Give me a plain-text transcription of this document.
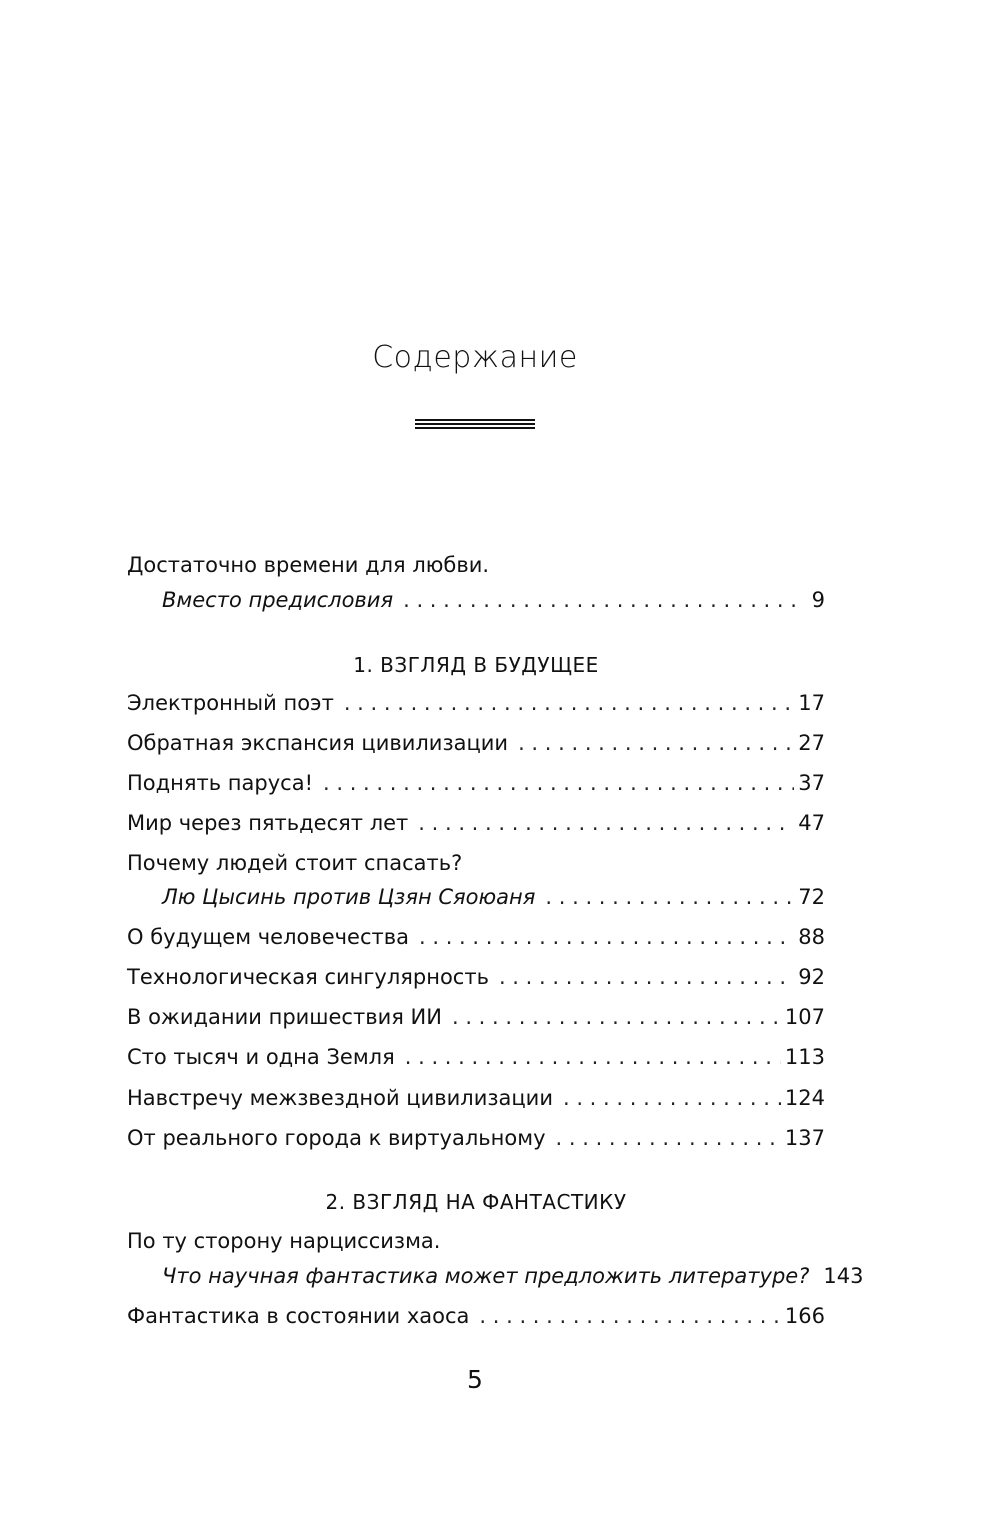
Содержание
Достаточно времени для любви.
Вместо предисловия . . .	9
1. ВЗГЛЯД В БУДУЩЕЕ
Электронный поэт . . .	17
Обратная экспансия цивилизации . . .	27
Поднять паруса! . . .	37
Мир через пятьдесят лет . . .	47
Почему людей стоит спасать?
Лю Цысинь против Цзян Сяоюаня . . .	72
О будущем человечества . . .	88
Технологическая сингулярность . . .	92
В ожидании пришествия ИИ . . .	107
Сто тысяч и одна Земля . . .	113
Навстречу межзвездной цивилизации . . .	124
От реального города к виртуальному . . .	137
2. ВЗГЛЯД НА ФАНТАСТИКУ
По ту сторону нарциссизма.
Что научная фантастика может предложить литературе? 143
Фантастика в состоянии хаоса . . .	166
5
